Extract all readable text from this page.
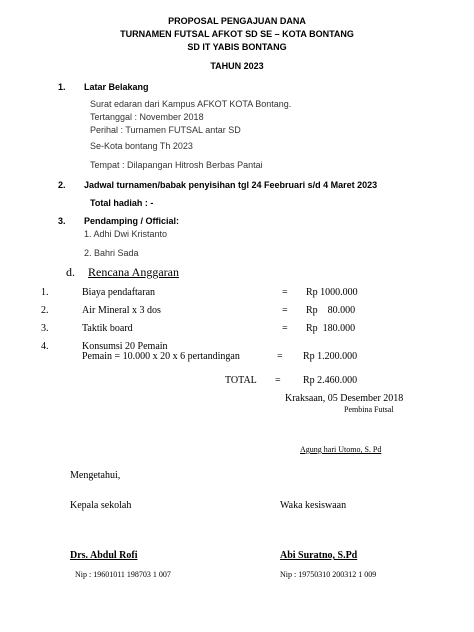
PROPOSAL PENGAJUAN DANA
TURNAMEN FUTSAL AFKOT SD SE – KOTA BONTANG
SD IT YABIS BONTANG
TAHUN 2023
1. Latar Belakang
Surat edaran dari Kampus AFKOT KOTA Bontang.
Tertanggal : November 2018
Perihal : Turnamen FUTSAL antar SD
Se-Kota bontang Th 2023
Tempat : Dilapangan Hitrosh Berbas Pantai
2. Jadwal turnamen/babak penyisihan tgl 24 Feebruari s/d 4 Maret 2023
Total hadiah : -
3. Pendamping / Official:
1. Adhi Dwi Kristanto
2. Bahri Sada
d. Rencana Anggaran
1.	Biaya pendaftaran	= Rp 1000.000
2.	Air Mineral x 3 dos	= Rp    80.000
3.	Taktik board	= Rp  180.000
4.	Konsumsi 20 Pemain
Pemain = 10.000 x 20 x 6 pertandingan	= Rp 1.200.000
TOTAL = Rp 2.460.000
Kraksaan, 05 Desember 2018
Pembina Futsal
Agung hari Utomo, S. Pd
Mengetahui,
Kepala sekolah	Waka kesiswaan
Drs. Abdul Rofi	Abi Suratno, S.Pd
Nip : 19601011 198703 1 007	Nip : 19750310 200312 1 009
